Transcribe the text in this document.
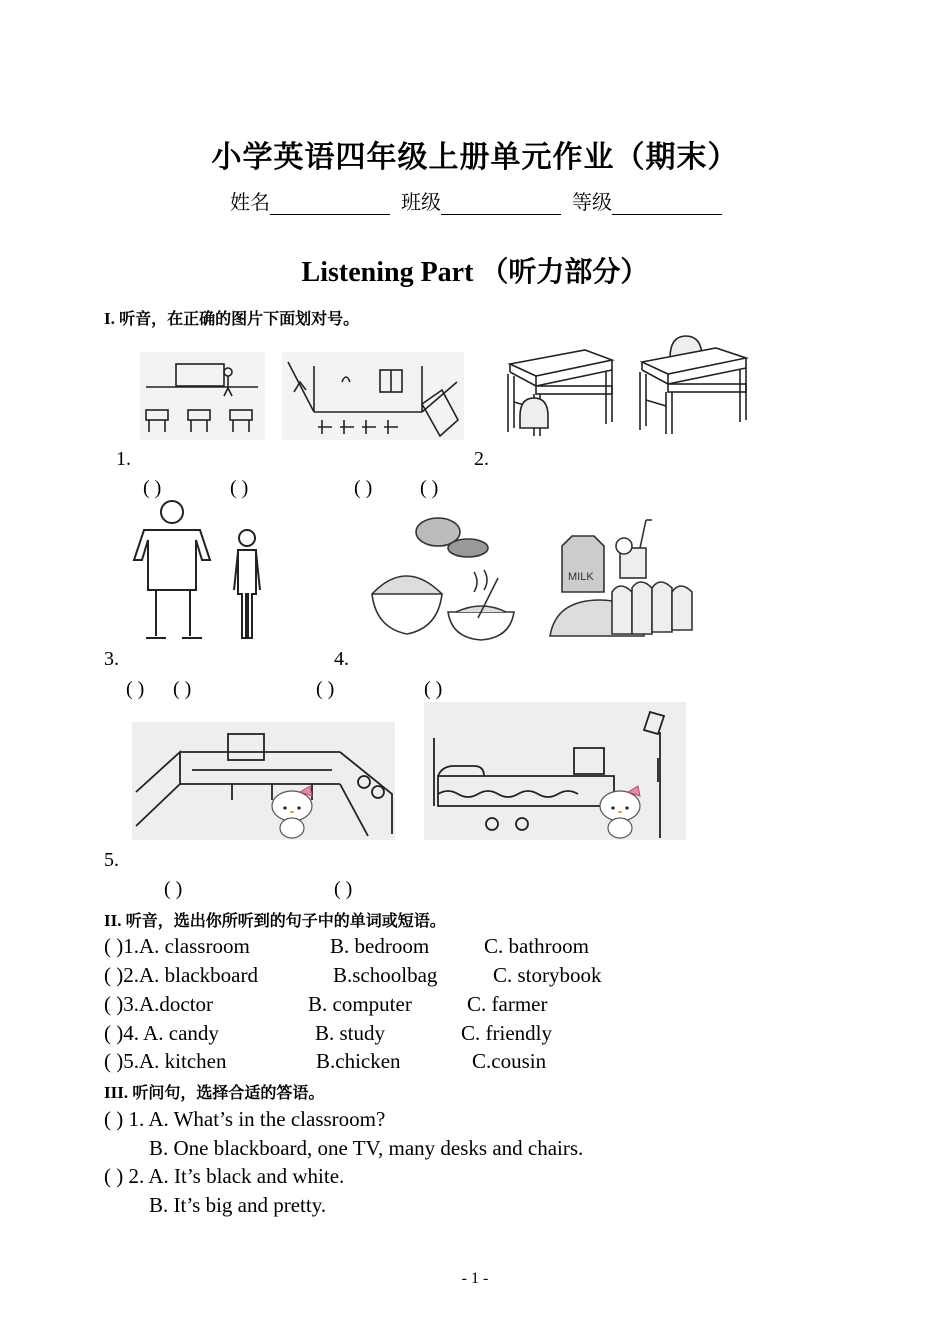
小学英语四年级上册单元作业（期末）
姓名	班级	等级
Listening Part （听力部分）
I. 听音，在正确的图片下面划对号。
1.	2.
( )	( )	( ) ( )
MILK
3.	4.
( ) ( )	( )	( )
5.
( )	( )
II. 听音，选出你所听到的句子中的单词或短语。
( )1.A. classroom	B. bedroom	C. bathroom
( )2.A. blackboard	B.schoolbag	C. storybook
( )3.A.doctor	B. computer	C. farmer
( )4. A. candy	B. study	C. friendly
( )5.A. kitchen	B.chicken	C.cousin
III. 听问句，选择合适的答语。
( ) 1. A. What’s in the classroom?
B. One blackboard, one TV, many desks and chairs.
( ) 2. A. It’s black and white.
B. It’s big and pretty.
- 1 -
